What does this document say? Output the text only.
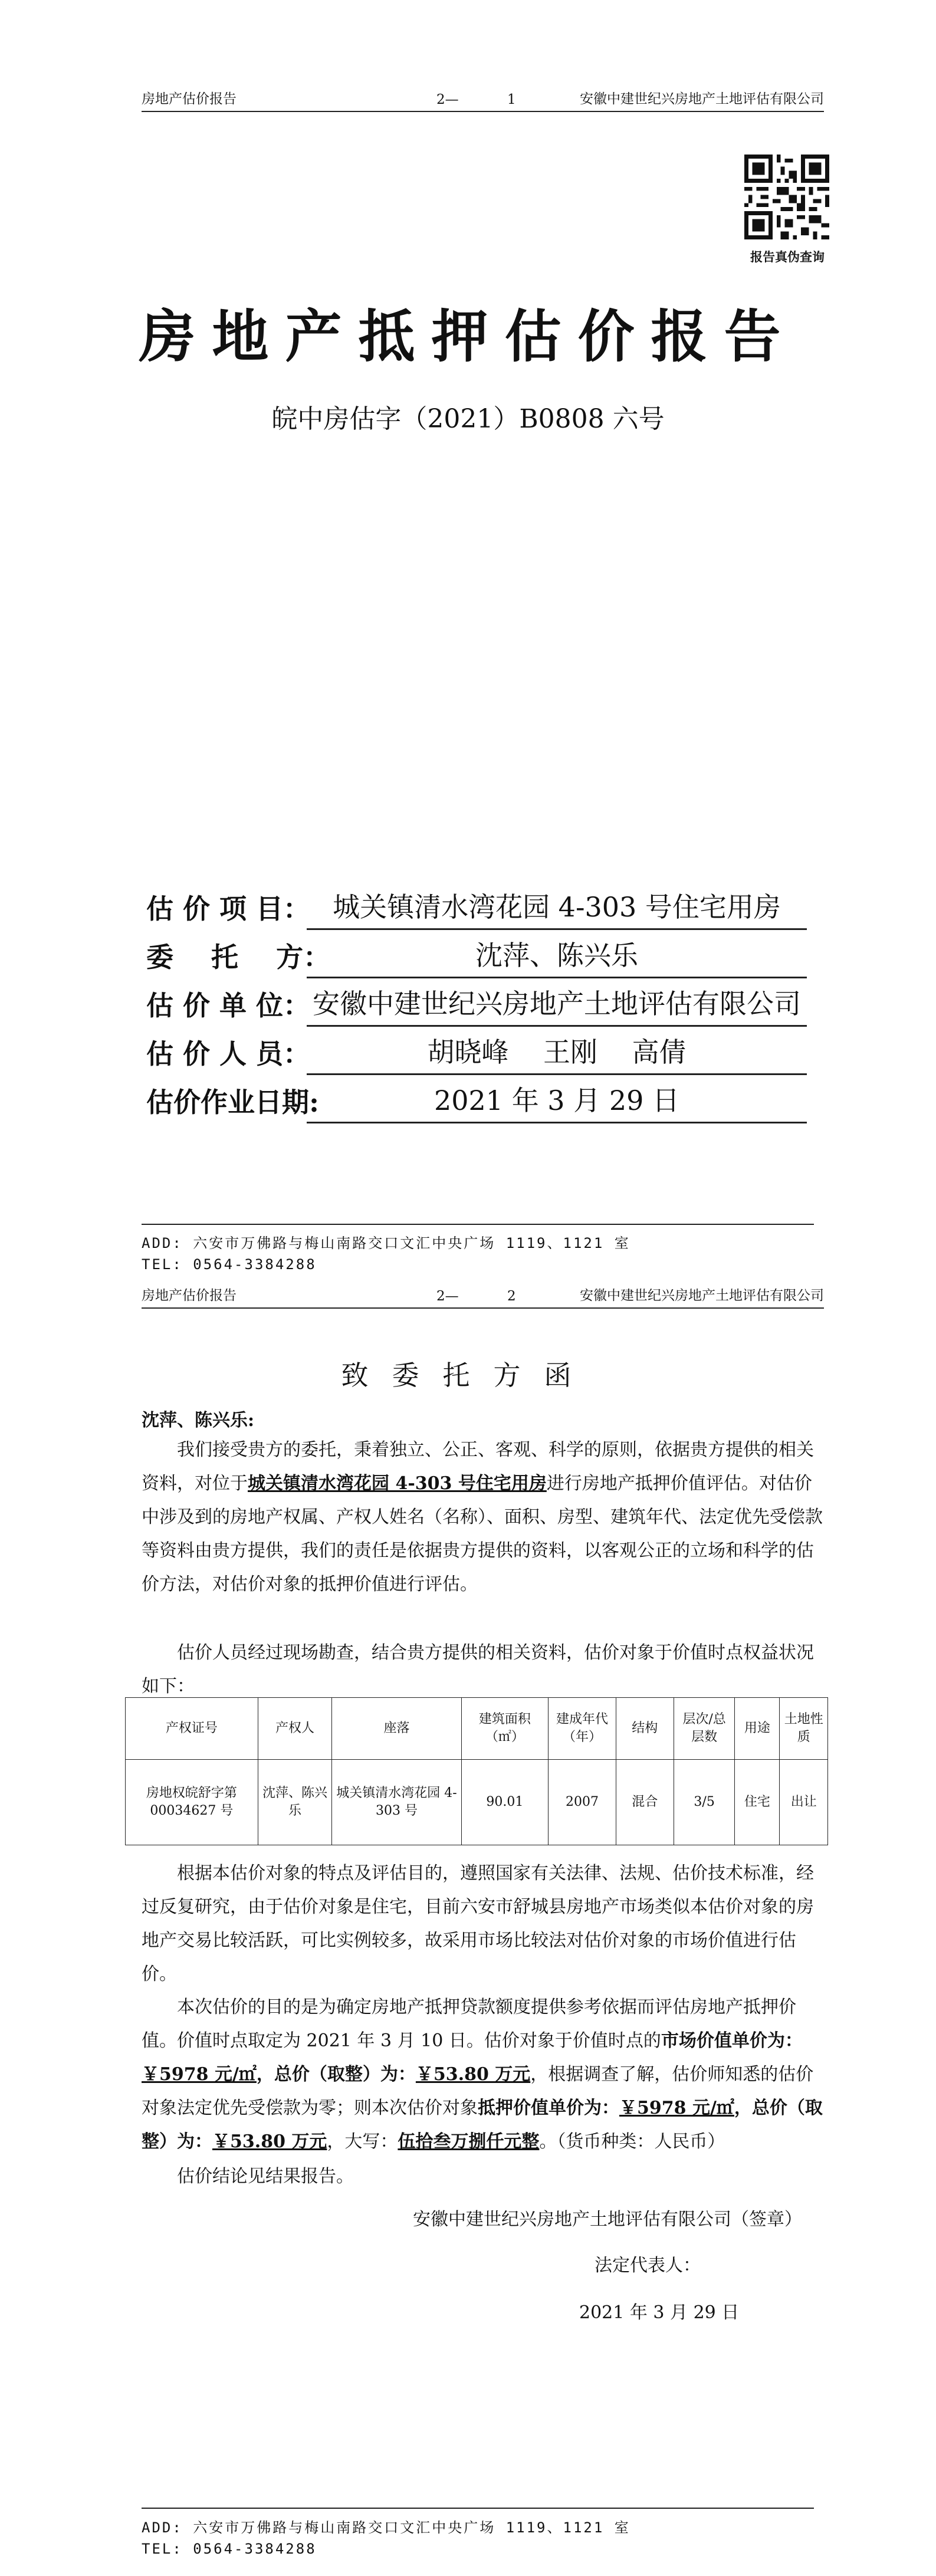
房地产估价报告	2—	1	安徽中建世纪兴房地产土地评估有限公司
报告真伪查询
房地产抵押估价报告
皖中房估字（2021）B0808 六号
估 价 项 目： 城关镇清水湾花园 4-303 号住宅用房
委    托    方：	沈萍、陈兴乐
估 价 单 位： 安徽中建世纪兴房地产土地评估有限公司
估 价 人 员：	胡晓峰    王刚    高倩
估价作业日期:	2021 年 3 月 29 日
ADD: 六安市万佛路与梅山南路交口文汇中央广场 1119、1121 室
TEL: 0564-3384288
房地产估价报告	2—	2	安徽中建世纪兴房地产土地评估有限公司
致委托方函
沈萍、陈兴乐:
我们接受贵方的委托，秉着独立、公正、客观、科学的原则，依据贵方提供的相关资料，对位于城关镇清水湾花园 4-303 号住宅用房进行房地产抵押价值评估。对估价中涉及到的房地产权属、产权人姓名（名称）、面积、房型、建筑年代、法定优先受偿款等资料由贵方提供，我们的责任是依据贵方提供的资料，以客观公正的立场和科学的估价方法，对估价对象的抵押价值进行评估。
估价人员经过现场勘查，结合贵方提供的相关资料，估价对象于价值时点权益状况如下：
产权证号	产权人	座落	建筑面积（㎡）	建成年代（年）	结构	层次/总层数	用途	土地性质
房地权皖舒字第 00034627 号	沈萍、陈兴乐	城关镇清水湾花园 4-303 号	90.01	2007	混合	3/5	住宅	出让
根据本估价对象的特点及评估目的，遵照国家有关法律、法规、估价技术标准，经过反复研究，由于估价对象是住宅，目前六安市舒城县房地产市场类似本估价对象的房地产交易比较活跃，可比实例较多，故采用市场比较法对估价对象的市场价值进行估价。
本次估价的目的是为确定房地产抵押贷款额度提供参考依据而评估房地产抵押价值。价值时点取定为 2021 年 3 月 10 日。估价对象于价值时点的市场价值单价为：￥5978 元/㎡，总价（取整）为：￥53.80 万元，根据调查了解，估价师知悉的估价对象法定优先受偿款为零；则本次估价对象抵押价值单价为：￥5978 元/㎡，总价（取整）为：￥53.80 万元，大写：伍拾叁万捌仟元整。（货币种类：人民币）
估价结论见结果报告。
安徽中建世纪兴房地产土地评估有限公司（签章）
法定代表人：
2021 年 3 月 29 日
ADD: 六安市万佛路与梅山南路交口文汇中央广场 1119、1121 室
TEL: 0564-3384288
